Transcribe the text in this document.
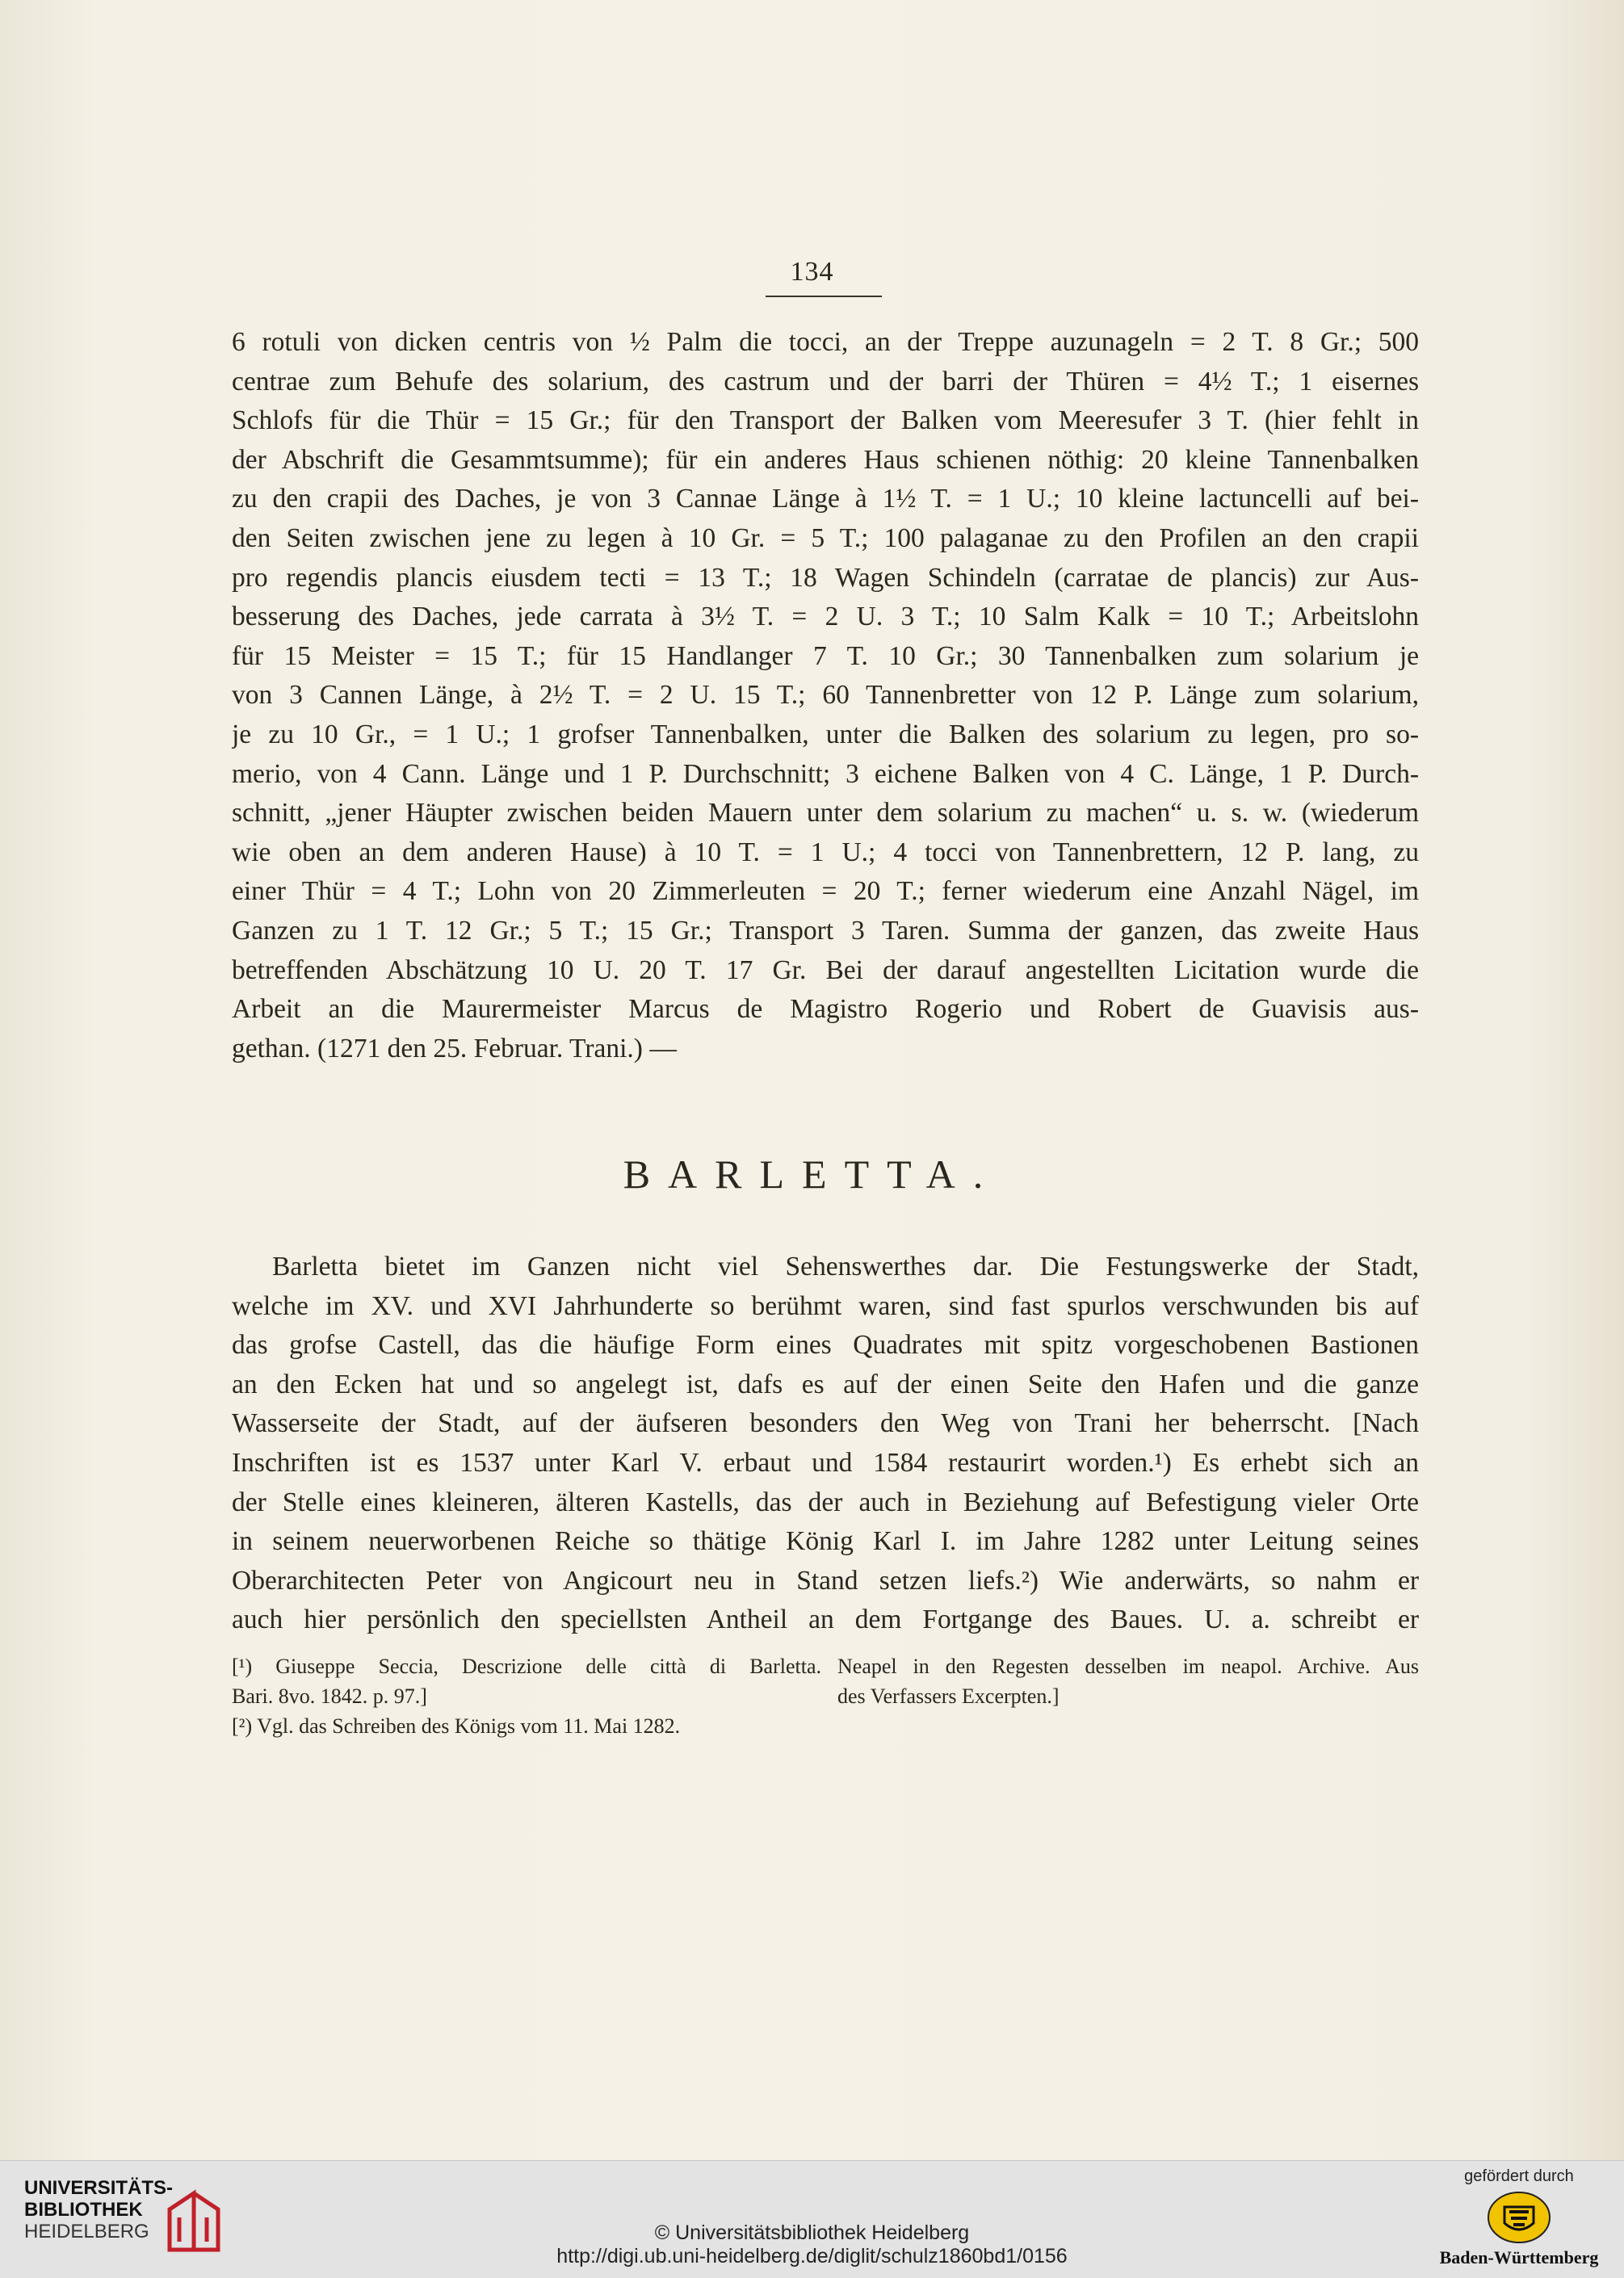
134
6 rotuli von dicken centris von ½ Palm die tocci, an der Treppe auzunageln = 2 T. 8 Gr.; 500
centrae zum Behufe des solarium, des castrum und der barri der Thüren = 4½ T.; 1 eisernes
Schlofs für die Thür = 15 Gr.; für den Transport der Balken vom Meeresufer 3 T. (hier fehlt in
der Abschrift die Gesammtsumme); für ein anderes Haus schienen nöthig: 20 kleine Tannenbalken
zu den crapii des Daches, je von 3 Cannae Länge à 1½ T. = 1 U.; 10 kleine lactuncelli auf bei-
den Seiten zwischen jene zu legen à 10 Gr. = 5 T.; 100 palaganae zu den Profilen an den crapii
pro regendis plancis eiusdem tecti = 13 T.; 18 Wagen Schindeln (carratae de plancis) zur Aus-
besserung des Daches, jede carrata à 3½ T. = 2 U. 3 T.; 10 Salm Kalk = 10 T.; Arbeitslohn
für 15 Meister = 15 T.; für 15 Handlanger 7 T. 10 Gr.; 30 Tannenbalken zum solarium je
von 3 Cannen Länge, à 2½ T. = 2 U. 15 T.; 60 Tannenbretter von 12 P. Länge zum solarium,
je zu 10 Gr., = 1 U.; 1 grofser Tannenbalken, unter die Balken des solarium zu legen, pro so-
merio, von 4 Cann. Länge und 1 P. Durchschnitt; 3 eichene Balken von 4 C. Länge, 1 P. Durch-
schnitt, „jener Häupter zwischen beiden Mauern unter dem solarium zu machen“ u. s. w. (wiederum
wie oben an dem anderen Hause) à 10 T. = 1 U.; 4 tocci von Tannenbrettern, 12 P. lang, zu
einer Thür = 4 T.; Lohn von 20 Zimmerleuten = 20 T.; ferner wiederum eine Anzahl Nägel, im
Ganzen zu 1 T. 12 Gr.; 5 T.; 15 Gr.; Transport 3 Taren. Summa der ganzen, das zweite Haus
betreffenden Abschätzung 10 U. 20 T. 17 Gr. Bei der darauf angestellten Licitation wurde die
Arbeit an die Maurermeister Marcus de Magistro Rogerio und Robert de Guavisis aus-
gethan. (1271 den 25. Februar. Trani.) —
BARLETTA.
Barletta bietet im Ganzen nicht viel Sehenswerthes dar. Die Festungswerke der Stadt,
welche im XV. und XVI Jahrhunderte so berühmt waren, sind fast spurlos verschwunden bis auf
das grofse Castell, das die häufige Form eines Quadrates mit spitz vorgeschobenen Bastionen
an den Ecken hat und so angelegt ist, dafs es auf der einen Seite den Hafen und die ganze
Wasserseite der Stadt, auf der äufseren besonders den Weg von Trani her beherrscht. [Nach
Inschriften ist es 1537 unter Karl V. erbaut und 1584 restaurirt worden.¹) Es erhebt sich an
der Stelle eines kleineren, älteren Kastells, das der auch in Beziehung auf Befestigung vieler Orte
in seinem neuerworbenen Reiche so thätige König Karl I. im Jahre 1282 unter Leitung seines
Oberarchitecten Peter von Angicourt neu in Stand setzen liefs.²) Wie anderwärts, so nahm er
auch hier persönlich den speciellsten Antheil an dem Fortgange des Baues. U. a. schreibt er
[¹) Giuseppe Seccia, Descrizione delle città di Barletta.
Bari. 8vo. 1842. p. 97.]
[²) Vgl. das Schreiben des Königs vom 11. Mai 1282.
Neapel in den Regesten desselben im neapol. Archive. Aus
des Verfassers Excerpten.]
UNIVERSITÄTS-
BIBLIOTHEK
HEIDELBERG	© Universitätsbibliothek Heidelberg
http://digi.ub.uni-heidelberg.de/diglit/schulz1860bd1/0156
gefördert durch
Baden-Württemberg
